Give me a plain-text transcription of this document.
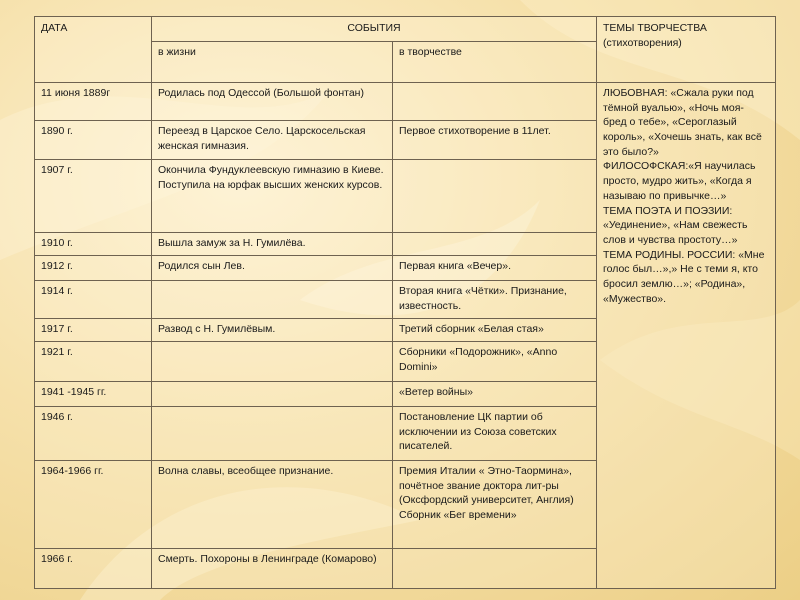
ДАТА	СОБЫТИЯ		ТЕМЫ ТВОРЧЕСТВА
(стихотворения)
	в жизни	в творчестве	
11 июня 1889г	Родилась под Одессой (Большой фонтан)		ЛЮБОВНАЯ: «Сжала руки под тёмной вуалью», «Ночь моя- бред о тебе», «Сероглазый король», «Хочешь знать, как всё это было?»
ФИЛОСОФСКАЯ:«Я научилась просто, мудро жить», «Когда я называю по привычке…»
ТЕМА ПОЭТА И ПОЭЗИИ: «Уединение», «Нам свежесть слов и чувства простоту…»
ТЕМА РОДИНЫ. РОССИИ: «Мне голос был…»,» Не с теми я, кто бросил землю…»; «Родина», «Мужество».

1890 г.	Переезд в Царское Село. Царскосельская женская гимназия.	Первое стихотворение в 11лет.	
1907 г.	Окончила Фундуклеевскую гимназию в Киеве. Поступила на юрфак высших женских курсов.		
1910 г.	Вышла замуж за Н. Гумилёва.		
1912 г.	Родился сын Лев.	Первая книга «Вечер».	
1914 г.		Вторая книга «Чётки». Признание, известность.	
1917 г.	Развод с Н. Гумилёвым.	Третий сборник «Белая стая»	
1921 г.		Сборники «Подорожник», «Anno Domini»	
1941 -1945 гг.		«Ветер войны»	
1946 г.		Постановление ЦК партии об исключении из Союза советских писателей.	
1964-1966 гг.	Волна славы, всеобщее признание.	Премия Италии « Этно-Таормина», почётное звание доктора лит-ры (Оксфордский университет, Англия) Сборник «Бег времени»	
1966 г.	Смерть. Похороны в Ленинграде (Комарово)		
